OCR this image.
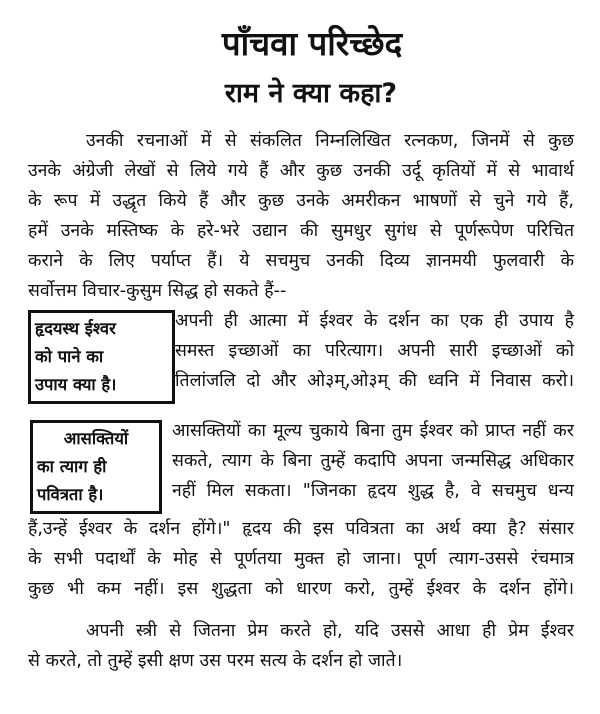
पाँचवा परिच्छेद
राम ने क्या कहा?
उनकी रचनाओं में से संकलित निम्नलिखित रत्नकण, जिनमें से कुछ
उनके अंग्रेजी लेखों से लिये गये हैं और कुछ उनकी उर्दू कृतियों में से भावार्थ
के रूप में उद्धृत किये हैं और कुछ उनके अमरीकन भाषणों से चुने गये हैं,
हमें उनके मस्तिष्क के हरे-भरे उद्यान की सुमधुर सुगंध से पूर्णरूपेण परिचित
कराने के लिए पर्याप्त हैं। ये सचमुच उनकी दिव्य ज्ञानमयी फुलवारी के
सर्वोत्तम विचार-कुसुम सिद्ध हो सकते हैं--
हृदयस्थ ईश्वर
को पाने का
उपाय क्या है।
अपनी ही आत्मा में ईश्वर के दर्शन का एक ही उपाय है
समस्त इच्छाओं का परित्याग। अपनी सारी इच्छाओं को
तिलांजलि दो और ओ३म्,ओ३म् की ध्वनि में निवास करो।
आसक्तियों
का त्याग ही
पवित्रता है।
आसक्तियों का मूल्य चुकाये बिना तुम ईश्वर को प्राप्त नहीं कर
सकते, त्याग के बिना तुम्हें कदापि अपना जन्मसिद्ध अधिकार
नहीं मिल सकता। "जिनका हृदय शुद्ध है, वे सचमुच धन्य
हैं,उन्हें ईश्वर के दर्शन होंगे।" हृदय की इस पवित्रता का अर्थ क्या है? संसार
के सभी पदार्थों के मोह से पूर्णतया मुक्त हो जाना। पूर्ण त्याग-उससे रंचमात्र
कुछ भी कम नहीं। इस शुद्धता को धारण करो, तुम्हें ईश्वर के दर्शन होंगे।
अपनी स्त्री से जितना प्रेम करते हो, यदि उससे आधा ही प्रेम ईश्वर
से करते, तो तुम्हें इसी क्षण उस परम सत्य के दर्शन हो जाते।
